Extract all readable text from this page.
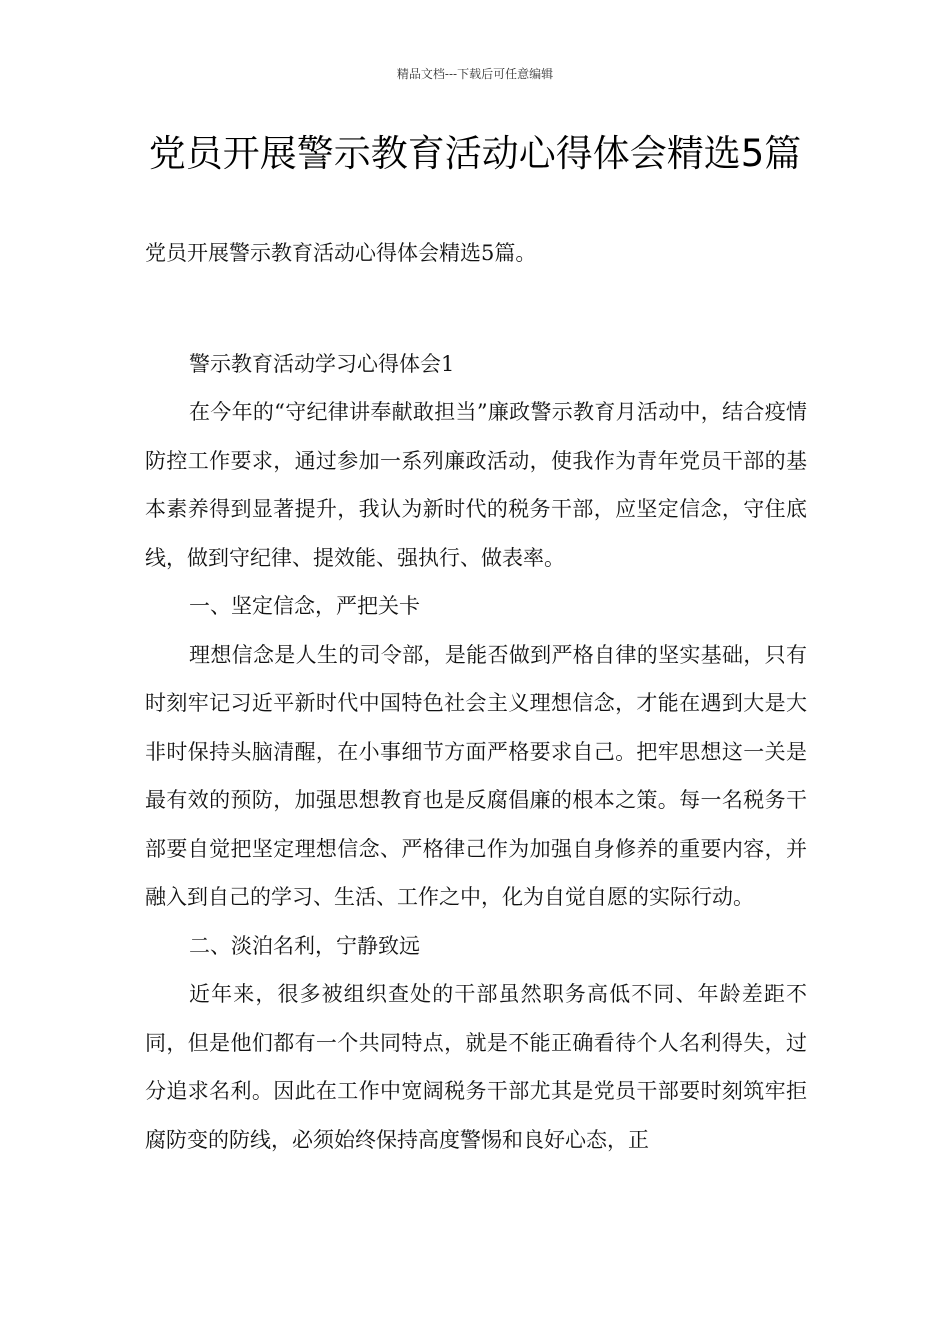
精品文档---下载后可任意编辑
党员开展警示教育活动心得体会精选5篇

党员开展警示教育活动心得体会精选5篇。

警示教育活动学习心得体会1

在今年的“守纪律讲奉献敢担当”廉政警示教育月活动中，结合疫情防控工作要求，通过参加一系列廉政活动，使我作为青年党员干部的基本素养得到显著提升，我认为新时代的税务干部，应坚定信念，守住底线，做到守纪律、提效能、强执行、做表率。

一、坚定信念，严把关卡

理想信念是人生的司令部，是能否做到严格自律的坚实基础，只有时刻牢记习近平新时代中国特色社会主义理想信念，才能在遇到大是大非时保持头脑清醒，在小事细节方面严格要求自己。把牢思想这一关是最有效的预防，加强思想教育也是反腐倡廉的根本之策。每一名税务干部要自觉把坚定理想信念、严格律己作为加强自身修养的重要内容，并融入到自己的学习、生活、工作之中，化为自觉自愿的实际行动。

二、淡泊名利，宁静致远

近年来，很多被组织查处的干部虽然职务高低不同、年龄差距不同，但是他们都有一个共同特点，就是不能正确看待个人名利得失，过分追求名利。因此在工作中宽阔税务干部尤其是党员干部要时刻筑牢拒腐防变的防线，必须始终保持高度警惕和良好心态，正
